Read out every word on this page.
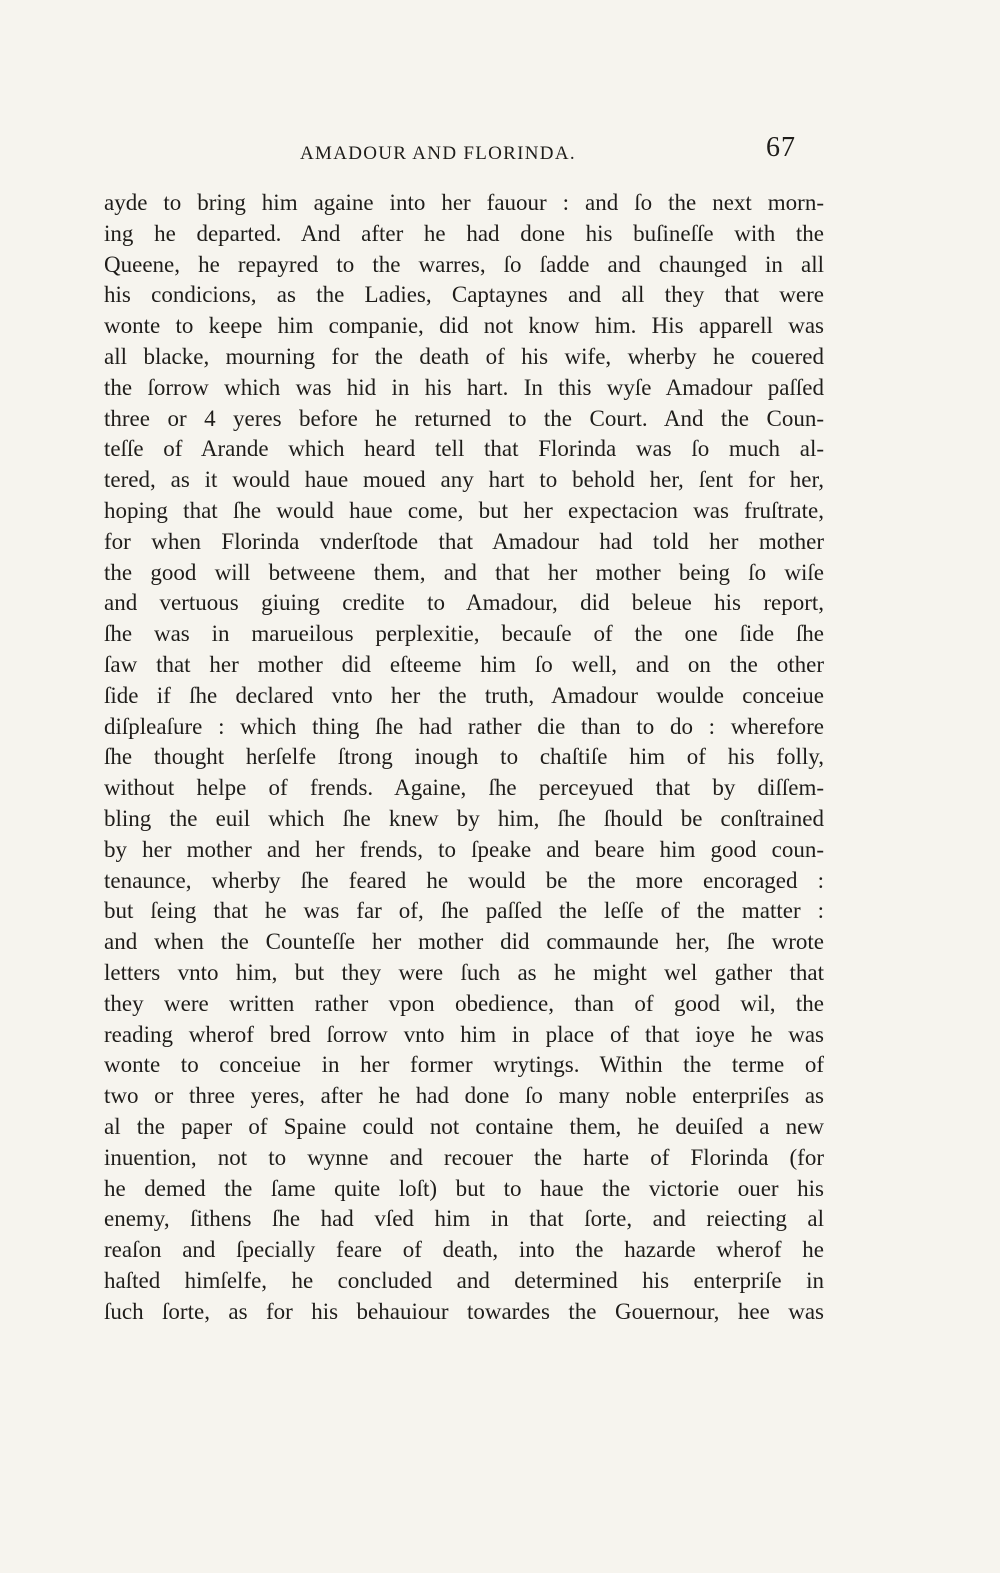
AMADOUR AND FLORINDA.	67
ayde to bring him againe into her fauour : and ſo the next morn-
ing he departed. And after he had done his buſineſſe with the
Queene, he repayred to the warres, ſo ſadde and chaunged in all
his condicions, as the Ladies, Captaynes and all they that were
wonte to keepe him companie, did not know him. His apparell was
all blacke, mourning for the death of his wife, wherby he couered
the ſorrow which was hid in his hart. In this wyſe Amadour paſſed
three or 4 yeres before he returned to the Court. And the Coun-
teſſe of Arande which heard tell that Florinda was ſo much al-
tered, as it would haue moued any hart to behold her, ſent for her,
hoping that ſhe would haue come, but her expectacion was fruſtrate,
for when Florinda vnderſtode that Amadour had told her mother
the good will betweene them, and that her mother being ſo wiſe
and vertuous giuing credite to Amadour, did beleue his report,
ſhe was in marueilous perplexitie, becauſe of the one ſide ſhe
ſaw that her mother did eſteeme him ſo well, and on the other
ſide if ſhe declared vnto her the truth, Amadour woulde conceiue
diſpleaſure : which thing ſhe had rather die than to do : wherefore
ſhe thought herſelfe ſtrong inough to chaſtiſe him of his folly,
without helpe of frends. Againe, ſhe perceyued that by diſſem-
bling the euil which ſhe knew by him, ſhe ſhould be conſtrained
by her mother and her frends, to ſpeake and beare him good coun-
tenaunce, wherby ſhe feared he would be the more encoraged :
but ſeing that he was far of, ſhe paſſed the leſſe of the matter :
and when the Counteſſe her mother did commaunde her, ſhe wrote
letters vnto him, but they were ſuch as he might wel gather that
they were written rather vpon obedience, than of good wil, the
reading wherof bred ſorrow vnto him in place of that ioye he was
wonte to conceiue in her former wrytings. Within the terme of
two or three yeres, after he had done ſo many noble enterpriſes as
al the paper of Spaine could not containe them, he deuiſed a new
inuention, not to wynne and recouer the harte of Florinda (for
he demed the ſame quite loſt) but to haue the victorie ouer his
enemy, ſithens ſhe had vſed him in that ſorte, and reiecting al
reaſon and ſpecially feare of death, into the hazarde wherof he
haſted himſelfe, he concluded and determined his enterpriſe in
ſuch ſorte, as for his behauiour towardes the Gouernour, hee was
